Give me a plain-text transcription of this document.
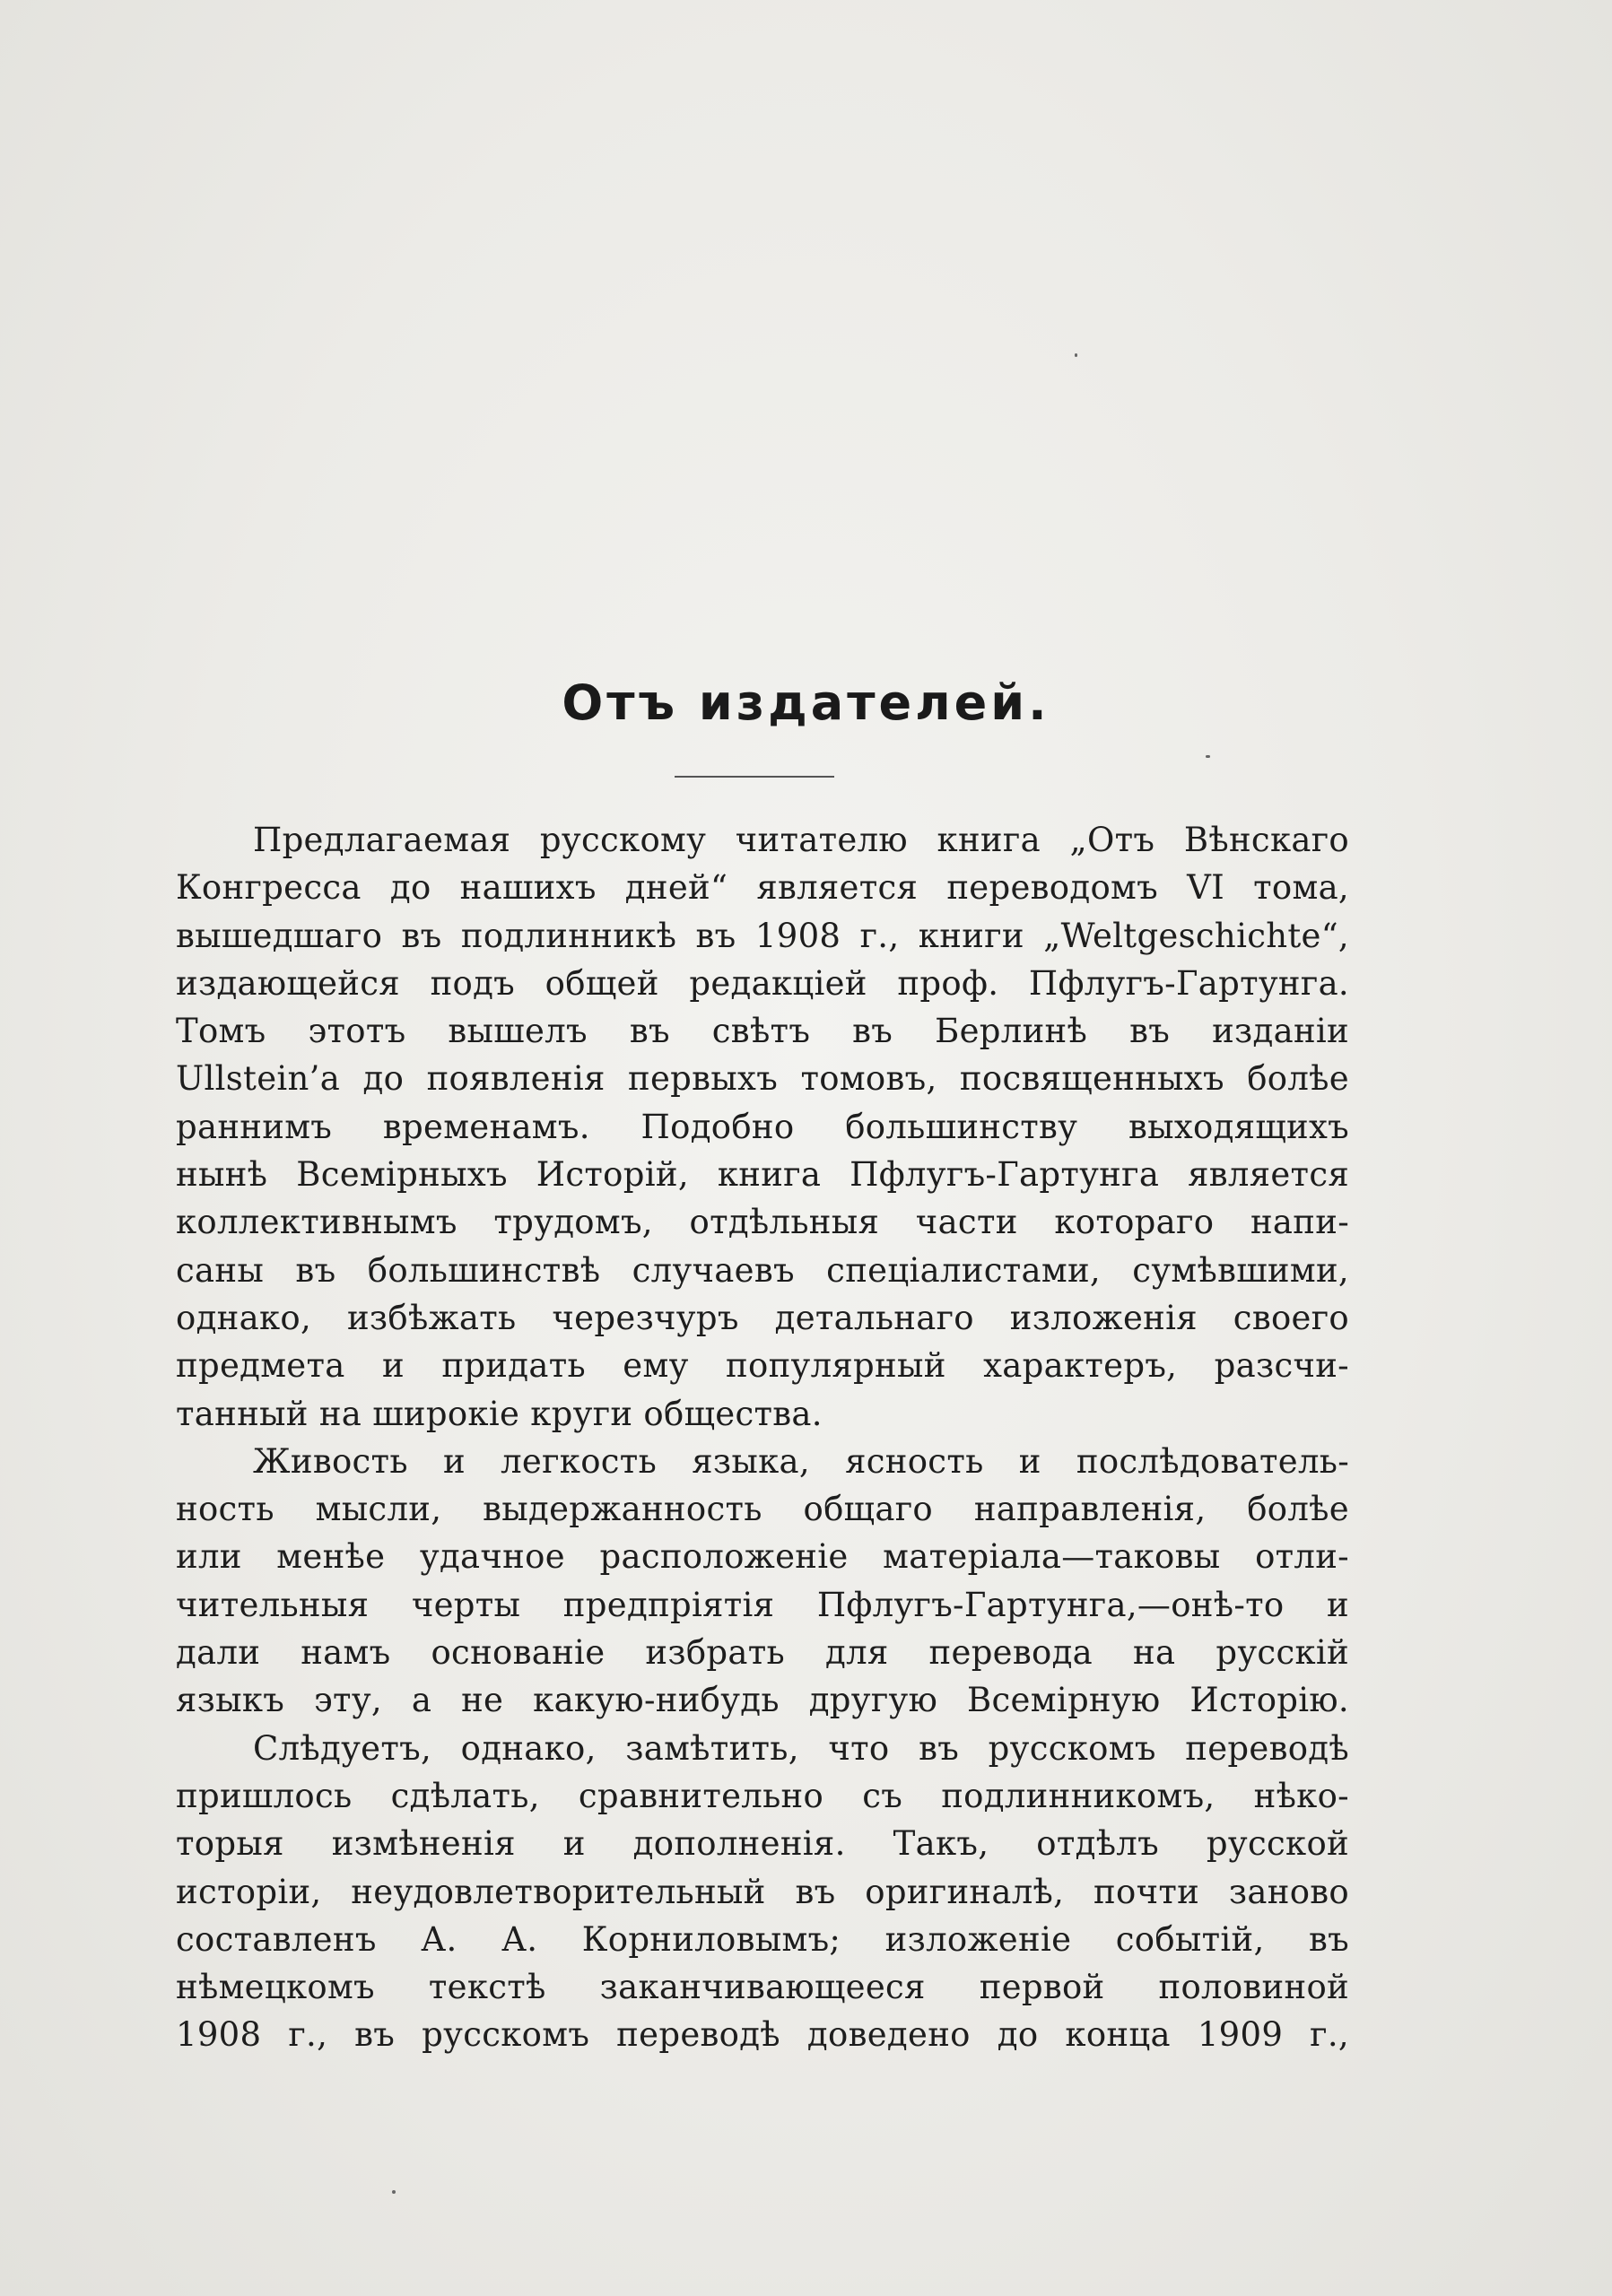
Отъ издателей.
Предлагаемая русскому читателю книга „Отъ Вѣнскаго
Конгресса до нашихъ дней“ является переводомъ VI тома,
вышедшаго въ подлинникѣ въ 1908 г., книги „Weltgeschichte“,
издающейся подъ общей редакціей проф. Пфлугъ-Гартунга.
Томъ этотъ вышелъ въ свѣтъ въ Берлинѣ въ изданіи
Ullstein’a до появленія первыхъ томовъ, посвященныхъ болѣе
раннимъ временамъ. Подобно большинству выходящихъ
нынѣ Всемірныхъ Исторій, книга Пфлугъ-Гартунга является
коллективнымъ трудомъ, отдѣльныя части котораго напи-
саны въ большинствѣ случаевъ спеціалистами, сумѣвшими,
однако, избѣжать черезчуръ детальнаго изложенія своего
предмета и придать ему популярный характеръ, разсчи-
танный на широкіе круги общества.
Живость и легкость языка, ясность и послѣдователь-
ность мысли, выдержанность общаго направленія, болѣе
или менѣе удачное расположеніе матеріала—таковы отли-
чительныя черты предпріятія Пфлугъ-Гартунга,—онѣ-то и
дали намъ основаніе избрать для перевода на русскій
языкъ эту, а не какую-нибудь другую Всемірную Исторію.
Слѣдуетъ, однако, замѣтить, что въ русскомъ переводѣ
пришлось сдѣлать, сравнительно съ подлинникомъ, нѣко-
торыя измѣненія и дополненія. Такъ, отдѣлъ русской
исторіи, неудовлетворительный въ оригиналѣ, почти заново
составленъ А. А. Корниловымъ; изложеніе событій, въ
нѣмецкомъ текстѣ заканчивающееся первой половиной
1908 г., въ русскомъ переводѣ доведено до конца 1909 г.,
